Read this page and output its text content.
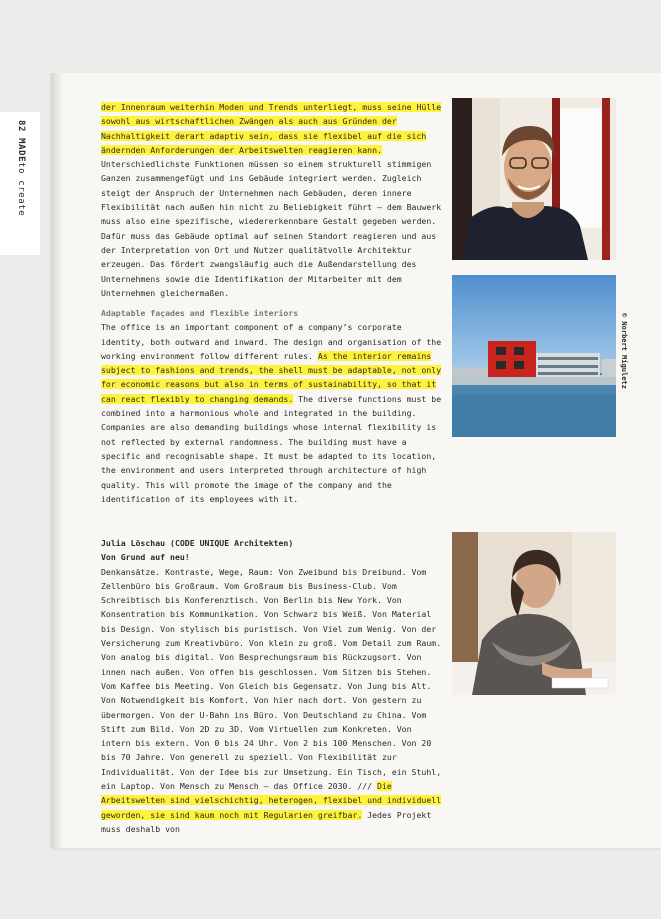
82 MADEto create

der Innenraum weiterhin Moden und Trends unterliegt, muss seine Hülle sowohl aus wirtschaftlichen Zwängen als auch aus Gründen der Nachhaltigkeit derart adaptiv sein, dass sie flexibel auf die sich ändernden Anforderungen der Arbeitswelten reagieren kann. Unterschiedlichste Funktionen müssen so einem strukturell stimmigen Ganzen zusammengefügt und ins Gebäude integriert werden. Zugleich steigt der Anspruch der Unternehmen nach Gebäuden, deren innere Flexibilität nach außen hin nicht zu Beliebigkeit führt – dem Bauwerk muss also eine spezifische, wiedererkennbare Gestalt gegeben werden. Dafür muss das Gebäude optimal auf seinen Standort reagieren und aus der Interpretation von Ort und Nutzer qualitätvolle Architektur erzeugen. Das fördert zwangsläufig auch die Außendarstellung des Unternehmens sowie die Identifikation der Mitarbeiter mit dem Unternehmen gleichermaßen.

Adaptable façades and flexible interiors

The office is an important component of a company’s corporate identity, both outward and inward. The design and organisation of the working environment follow different rules. As the interior remains subject to fashions and trends, the shell must be adaptable, not only for economic reasons but also in terms of sustainability, so that it can react flexibly to changing demands. The diverse functions must be combined into a harmonious whole and integrated in the building. Companies are also demanding buildings whose internal flexibility is not reflected by external randomness. The building must have a specific and recognisable shape. It must be adapted to its location, the environment and users interpreted through architecture of high quality. This will promote the image of the company and the identification of its employees with it.

Julia Löschau (CODE UNIQUE Architekten)

Von Grund auf neu!

Denkansätze. Kontraste, Wege, Raum: Von Zweibund bis Dreibund. Vom Zellenbüro bis Großraum. Vom Großraum bis Business-Club. Vom Schreibtisch bis Konferenztisch. Von Berlin bis New York. Von Konsentration bis Kommunikation. Von Schwarz bis Weiß. Von Material bis Design. Von stylisch bis puristisch. Von Viel zum Wenig. Von der Versicherung zum Kreativbüro. Von klein zu groß. Vom Detail zum Raum. Von analog bis digital. Von Besprechungsraum bis Rückzugsort. Von innen nach außen. Von offen bis geschlossen. Vom Sitzen bis Stehen. Vom Kaffee bis Meeting. Von Gleich bis Gegensatz. Von Jung bis Alt. Von Notwendigkeit bis Komfort. Von hier nach dort. Von gestern zu übermorgen. Von der U-Bahn ins Büro. Von Deutschland zu China. Vom Stift zum Bild. Von 2D zu 3D. Vom Virtuellen zum Konkreten. Von intern bis extern. Von 0 bis 24 Uhr. Von 2 bis 100 Menschen. Von 20 bis 70 Jahre. Von generell zu speziell. Von Flexibilität zur Individualität. Von der Idee bis zur Umsetzung. Ein Tisch, ein Stuhl, ein Laptop. Von Mensch zu Mensch – das Office 2030. /// Die Arbeitswelten sind vielschichtig, heterogen, flexibel und individuell geworden, sie sind kaum noch mit Regularien greifbar. Jedes Projekt muss deshalb von

© Norbert Miguletz
